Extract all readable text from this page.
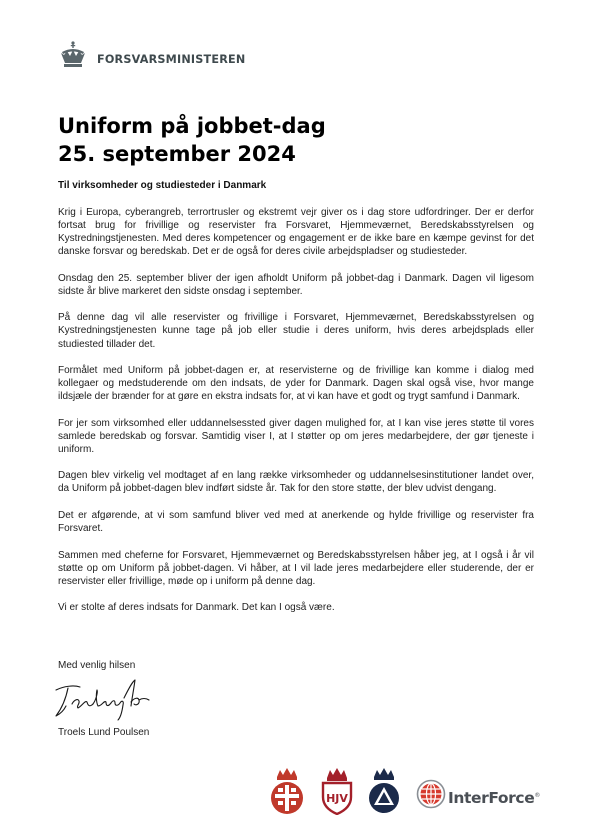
FORSVARSMINISTEREN
Uniform på jobbet-dag
25. september 2024
Til virksomheder og studiesteder i Danmark

Krig i Europa, cyberangreb, terrortrusler og ekstremt vejr giver os i dag store udfordringer. Der er derfor fortsat brug for frivillige og reservister fra Forsvaret, Hjemmeværnet, Beredskabsstyrelsen og Kystredningstjenesten. Med deres kompetencer og engagement er de ikke bare en kæmpe gevinst for det danske forsvar og beredskab. Det er de også for deres civile arbejdspladser og studiesteder.

Onsdag den 25. september bliver der igen afholdt Uniform på jobbet-dag i Danmark. Dagen vil ligesom sidste år blive markeret den sidste onsdag i september.

På denne dag vil alle reservister og frivillige i Forsvaret, Hjemmeværnet, Beredskabsstyrelsen og Kystredningstjenesten kunne tage på job eller studie i deres uniform, hvis deres arbejdsplads eller studiested tillader det.

Formålet med Uniform på jobbet-dagen er, at reservisterne og de frivillige kan komme i dialog med kollegaer og medstuderende om den indsats, de yder for Danmark. Dagen skal også vise, hvor mange ildsjæle der brænder for at gøre en ekstra indsats for, at vi kan have et godt og trygt samfund i Danmark.

For jer som virksomhed eller uddannelsessted giver dagen mulighed for, at I kan vise jeres støtte til vores samlede beredskab og forsvar. Samtidig viser I, at I støtter op om jeres medarbejdere, der gør tjeneste i uniform.

Dagen blev virkelig vel modtaget af en lang række virksomheder og uddannelsesinstitutioner landet over, da Uniform på jobbet-dagen blev indført sidste år. Tak for den store støtte, der blev udvist dengang.

Det er afgørende, at vi som samfund bliver ved med at anerkende og hylde frivillige og reservister fra Forsvaret.

Sammen med cheferne for Forsvaret, Hjemmeværnet og Beredskabsstyrelsen håber jeg, at I også i år vil støtte op om Uniform på jobbet-dagen. Vi håber, at I vil lade jeres medarbejdere eller studerende, der er reservister eller frivillige, møde op i uniform på denne dag.

Vi er stolte af deres indsats for Danmark. Det kan I også være.

Med venlig hilsen
Troels Lund Poulsen
HJV	InterForce®
